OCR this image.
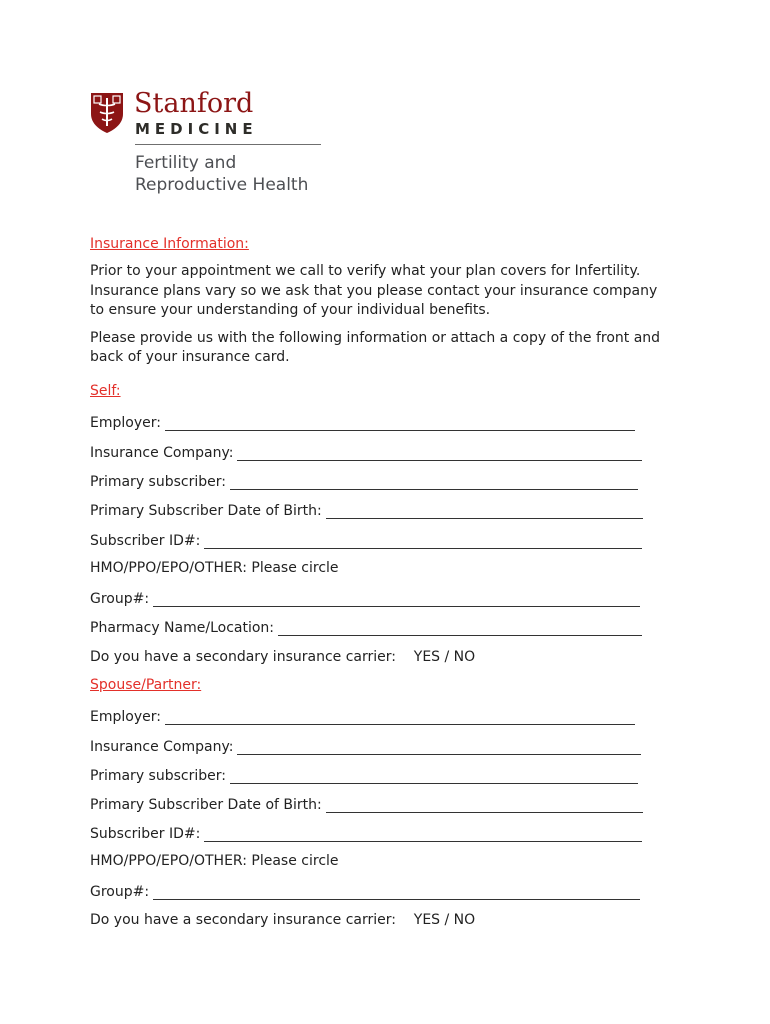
Stanford
MEDICINE
Fertility and
Reproductive Health
Insurance Information:

Prior to your appointment we call to verify what your plan covers for Infertility. Insurance plans vary so we ask that you please contact your insurance company to ensure your understanding of your individual benefits.

Please provide us with the following information or attach a copy of the front and back of your insurance card.

Self:
Employer:
Insurance Company:
Primary subscriber:
Primary Subscriber Date of Birth:
Subscriber ID#:
HMO/PPO/EPO/OTHER: Please circle
Group#:
Pharmacy Name/Location:
Do you have a secondary insurance carrier:    YES / NO
Spouse/Partner:
Employer:
Insurance Company:
Primary subscriber:
Primary Subscriber Date of Birth:
Subscriber ID#:
HMO/PPO/EPO/OTHER: Please circle
Group#:
Do you have a secondary insurance carrier:    YES / NO
